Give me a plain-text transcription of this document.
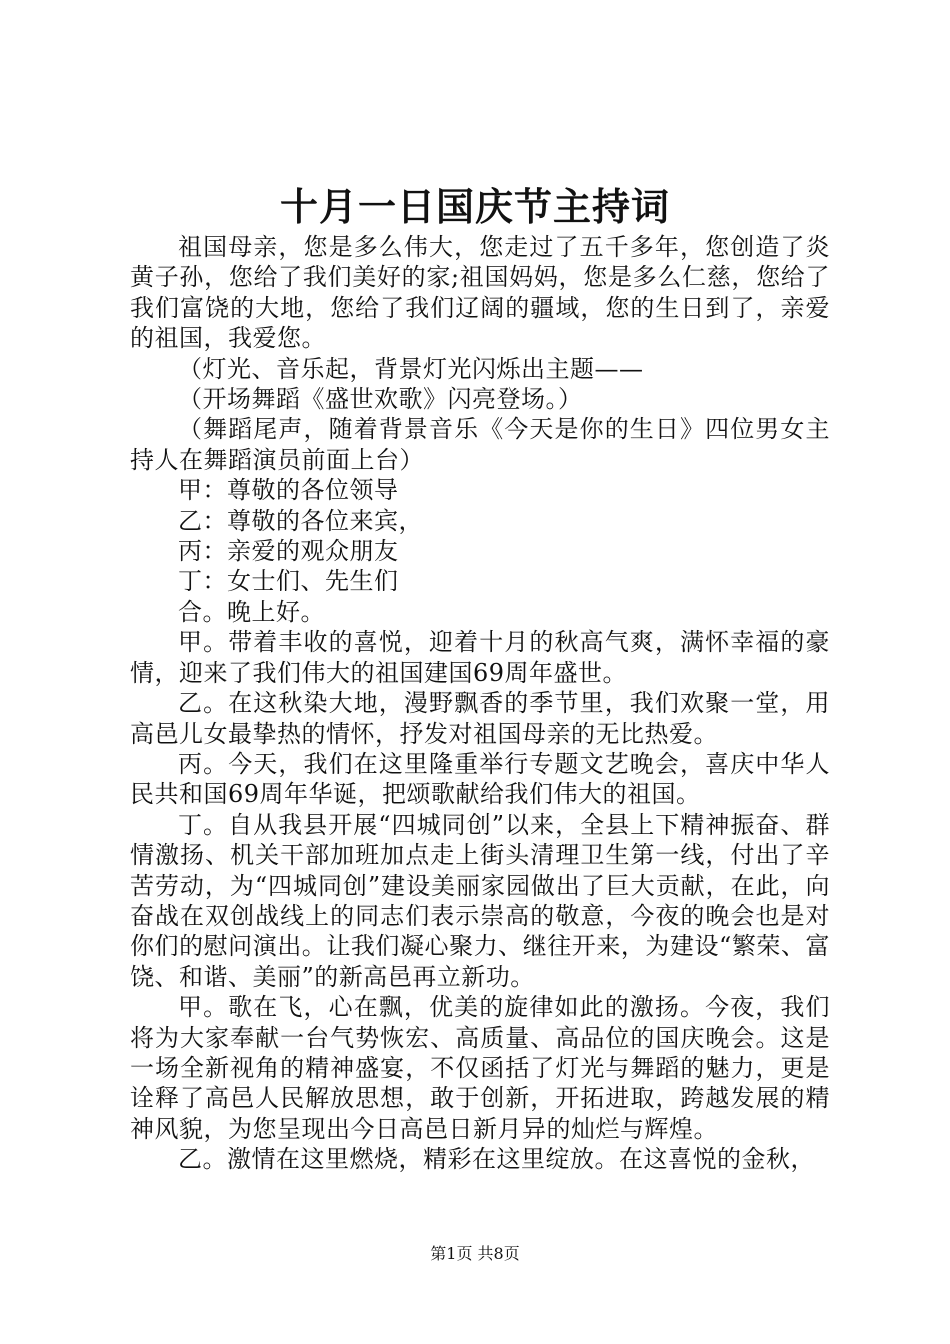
十月一日国庆节主持词

祖国母亲，您是多么伟大，您走过了五千多年，您创造了炎黄子孙，您给了我们美好的家;祖国妈妈，您是多么仁慈，您给了我们富饶的大地，您给了我们辽阔的疆域，您的生日到了，亲爱的祖国，我爱您。

（灯光、音乐起，背景灯光闪烁出主题——

（开场舞蹈《盛世欢歌》闪亮登场。）

（舞蹈尾声，随着背景音乐《今天是你的生日》四位男女主持人在舞蹈演员前面上台）

甲：尊敬的各位领导

乙：尊敬的各位来宾，

丙：亲爱的观众朋友

丁：女士们、先生们

合。晚上好。

甲。带着丰收的喜悦，迎着十月的秋高气爽，满怀幸福的豪情，迎来了我们伟大的祖国建国69周年盛世。

乙。在这秋染大地，漫野飘香的季节里，我们欢聚一堂，用高邑儿女最挚热的情怀，抒发对祖国母亲的无比热爱。

丙。今天，我们在这里隆重举行专题文艺晚会，喜庆中华人民共和国69周年华诞，把颂歌献给我们伟大的祖国。

丁。自从我县开展“四城同创”以来，全县上下精神振奋、群情激扬、机关干部加班加点走上街头清理卫生第一线，付出了辛苦劳动，为“四城同创”建设美丽家园做出了巨大贡献，在此，向奋战在双创战线上的同志们表示崇高的敬意，今夜的晚会也是对你们的慰问演出。让我们凝心聚力、继往开来，为建设“繁荣、富饶、和谐、美丽”的新高邑再立新功。

甲。歌在飞，心在飘，优美的旋律如此的激扬。今夜，我们将为大家奉献一台气势恢宏、高质量、高品位的国庆晚会。这是一场全新视角的精神盛宴，不仅函括了灯光与舞蹈的魅力，更是诠释了高邑人民解放思想，敢于创新，开拓进取，跨越发展的精神风貌，为您呈现出今日高邑日新月异的灿烂与辉煌。

乙。激情在这里燃烧，精彩在这里绽放。在这喜悦的金秋，

第1页 共8页
